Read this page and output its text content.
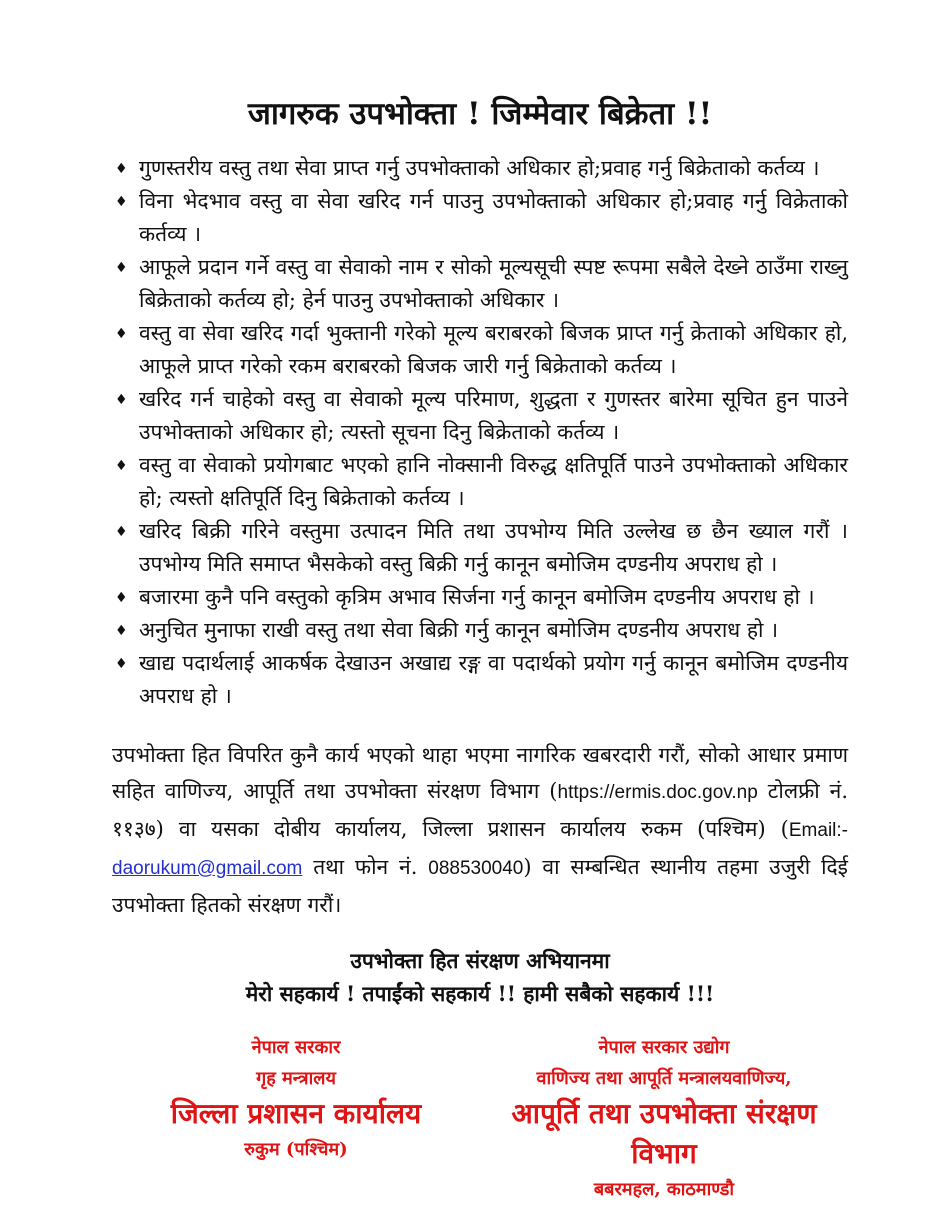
जागरुक उपभोक्ता ! जिम्मेवार बिक्रेता !!
♦ गुणस्तरीय वस्तु तथा सेवा प्राप्त गर्नु उपभोक्ताको अधिकार हो;प्रवाह गर्नु बिक्रेताको कर्तव्य ।
♦ विना भेदभाव वस्तु वा सेवा खरिद गर्न पाउनु उपभोक्ताको अधिकार हो;प्रवाह गर्नु विक्रेताको कर्तव्य ।
♦ आफूले प्रदान गर्ने वस्तु वा सेवाको नाम र सोको मूल्यसूची स्पष्ट रूपमा सबैले देख्ने ठाउँमा राख्नु बिक्रेताको कर्तव्य हो; हेर्न पाउनु उपभोक्ताको अधिकार ।
♦ वस्तु वा सेवा खरिद गर्दा भुक्तानी गरेको मूल्य बराबरको बिजक प्राप्त गर्नु क्रेताको अधिकार हो, आफूले प्राप्त गरेको रकम बराबरको बिजक जारी गर्नु बिक्रेताको कर्तव्य ।
♦ खरिद गर्न चाहेको वस्तु वा सेवाको मूल्य परिमाण, शुद्धता र गुणस्तर बारेमा सूचित हुन पाउने उपभोक्ताको अधिकार हो; त्यस्तो सूचना दिनु बिक्रेताको कर्तव्य ।
♦ वस्तु वा सेवाको प्रयोगबाट भएको हानि नोक्सानी विरुद्ध क्षतिपूर्ति पाउने उपभोक्ताको अधिकार हो; त्यस्तो क्षतिपूर्ति दिनु बिक्रेताको कर्तव्य ।
♦ खरिद बिक्री गरिने वस्तुमा उत्पादन मिति तथा उपभोग्य मिति उल्लेख छ छैन ख्याल गरौं । उपभोग्य मिति समाप्त भैसकेको वस्तु बिक्री गर्नु कानून बमोजिम दण्डनीय अपराध हो ।
♦ बजारमा कुनै पनि वस्तुको कृत्रिम अभाव सिर्जना गर्नु कानून बमोजिम दण्डनीय अपराध हो ।
♦ अनुचित मुनाफा राखी वस्तु तथा सेवा बिक्री गर्नु कानून बमोजिम दण्डनीय अपराध हो ।
♦ खाद्य पदार्थलाई आकर्षक देखाउन अखाद्य रङ्ग वा पदार्थको प्रयोग गर्नु कानून बमोजिम दण्डनीय अपराध हो ।

उपभोक्ता हित विपरित कुनै कार्य भएको थाहा भएमा नागरिक खबरदारी गरौं, सोको आधार प्रमाण सहित वाणिज्य, आपूर्ति तथा उपभोक्ता संरक्षण विभाग (https://ermis.doc.gov.np टोलफ्री नं. ११३७) वा यसका दोबीय कार्यालय, जिल्ला प्रशासन कार्यालय रुकम (पश्चिम) (Email:- daorukum@gmail.com तथा फोन नं. 088530040) वा सम्बन्धित स्थानीय तहमा उजुरी दिई उपभोक्ता हितको संरक्षण गरौं।

उपभोक्ता हित संरक्षण अभियानमा
मेरो सहकार्य ! तपाईंको सहकार्य !! हामी सबैको सहकार्य !!!
नेपाल सरकार
गृह मन्त्रालय
जिल्ला प्रशासन कार्यालय
रुकुम (पश्चिम)
नेपाल सरकार उद्योग
वाणिज्य तथा आपूर्ति मन्त्रालयवाणिज्य,
आपूर्ति तथा उपभोक्ता संरक्षण विभाग
बबरमहल, काठमाण्डौ
